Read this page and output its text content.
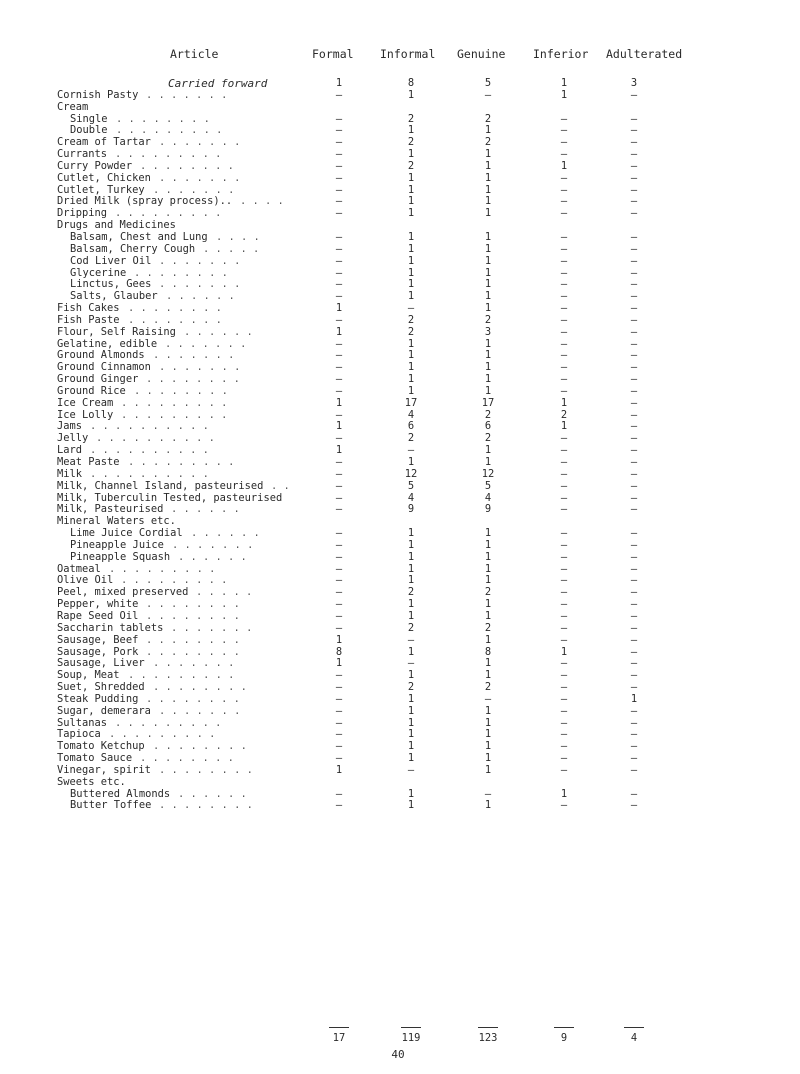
Article	Formal Informal Genuine Inferior Adulterated
Carried forward	1	8	5	1	3
Cornish Pasty . . . . . . .	–	1	–	1	–
Cream
Single . . . . . . . .	–	2	2	–	–
Double . . . . . . . . .	–	1	1	–	–
Cream of Tartar . . . . . . .	–	2	2	–	–
Currants . . . . . . . . .	–	1	1	–	–
Curry Powder . . . . . . . .	–	2	1	1	–
Cutlet, Chicken . . . . . . .	–	1	1	–	–
Cutlet, Turkey . . . . . . .	–	1	1	–	–
Dried Milk (spray process).. . . . .	–	1	1	–	–
Dripping . . . . . . . . .	–	1	1	–	–
Drugs and Medicines
Balsam, Chest and Lung . . . .	–	1	1	–	–
Balsam, Cherry Cough . . . . .	–	1	1	–	–
Cod Liver Oil . . . . . . .	–	1	1	–	–
Glycerine . . . . . . . .	–	1	1	–	–
Linctus, Gees . . . . . . .	–	1	1	–	–
Salts, Glauber . . . . . .	–	1	1	–	–
Fish Cakes . . . . . . . .	1	–	1	–	–
Fish Paste . . . . . . . .	–	2	2	–	–
Flour, Self Raising . . . . . .	1	2	3	–	–
Gelatine, edible . . . . . . .	–	1	1	–	–
Ground Almonds . . . . . . .	–	1	1	–	–
Ground Cinnamon . . . . . . .	–	1	1	–	–
Ground Ginger . . . . . . . .	–	1	1	–	–
Ground Rice . . . . . . . .	–	1	1	–	–
Ice Cream . . . . . . . . .	1	17	17	1	–
Ice Lolly . . . . . . . . .	–	4	2	2	–
Jams . . . . . . . . . .	1	6	6	1	–
Jelly . . . . . . . . . .	–	2	2	–	–
Lard . . . . . . . . . .	1	–	1	–	–
Meat Paste . . . . . . . . .	–	1	1	–	–
Milk . . . . . . . . . .	–	12	12	–	–
Milk, Channel Island, pasteurised . .	–	5	5	–	–
Milk, Tuberculin Tested, pasteurised	–	4	4	–	–
Milk, Pasteurised . . . . . .	–	9	9	–	–
Mineral Waters etc.
Lime Juice Cordial . . . . . .	–	1	1	–	–
Pineapple Juice . . . . . . .	–	1	1	–	–
Pineapple Squash . . . . . .	–	1	1	–	–
Oatmeal . . . . . . . . .	–	1	1	–	–
Olive Oil . . . . . . . . .	–	1	1	–	–
Peel, mixed preserved . . . . .	–	2	2	–	–
Pepper, white . . . . . . . .	–	1	1	–	–
Rape Seed Oil . . . . . . . .	–	1	1	–	–
Saccharin tablets . . . . . . .	–	2	2	–	–
Sausage, Beef . . . . . . . .	1	–	1	–	–
Sausage, Pork . . . . . . . .	8	1	8	1	–
Sausage, Liver . . . . . . .	1	–	1	–	–
Soup, Meat . . . . . . . . .	–	1	1	–	–
Suet, Shredded . . . . . . . .	–	2	2	–	–
Steak Pudding . . . . . . . .	–	1	–	–	1
Sugar, demerara . . . . . . .	–	1	1	–	–
Sultanas . . . . . . . . .	–	1	1	–	–
Tapioca . . . . . . . . .	–	1	1	–	–
Tomato Ketchup . . . . . . . .	–	1	1	–	–
Tomato Sauce . . . . . . . .	–	1	1	–	–
Vinegar, spirit . . . . . . . .	1	–	1	–	–
Sweets etc.
Buttered Almonds . . . . . .	–	1	–	1	–
Butter Toffee . . . . . . . .	–	1	1	–	–
17	119	123	9	4
40
